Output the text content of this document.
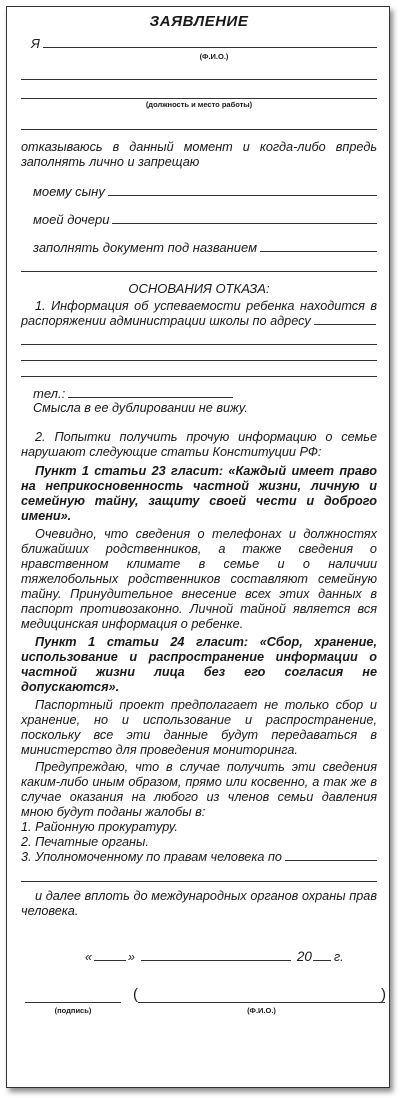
ЗАЯВЛЕНИЕ
Я
(Ф.И.О.)
(должность и место работы)

отказываюсь в данный момент и когда-либо впредь заполнять лично и запрещаю

моему сыну
моей дочери
заполнять документ под названием
ОСНОВАНИЯ ОТКАЗА:

1. Информация об успеваемости ребенка находится в распоряжении администрации школы по адресу

тел.:

Смысла в ее дублировании не вижу.

2. Попытки получить прочую информацию о семье нарушают следующие статьи Конституции РФ:

Пункт 1 статьи 23 гласит: «Каждый имеет право на неприкосновенность частной жизни, личную и семейную тайну, защиту своей чести и доброго имени».

Очевидно, что сведения о телефонах и должностях ближайших родственников, а также сведения о нравственном климате в семье и о наличии тяжелобольных родственников составляют семейную тайну. Принудительное внесение всех этих данных в паспорт противозаконно. Личной тайной является вся медицинская информация о ребенке.

Пункт 1 статьи 24 гласит: «Сбор, хранение, использование и распространение информации о частной жизни лица без его согласия не допускаются».

Паспортный проект предполагает не только сбор и хранение, но и использование и распространение, поскольку все эти данные будут передаваться в министерство для проведения мониторинга.

Предупреждаю, что в случае получить эти сведения каким-либо иным образом, прямо или косвенно, а так же в случае оказания на любого из членов семьи давления мною будут поданы жалобы в:

1. Районную прокуратуру.

2. Печатные органы.

3. Уполномоченному по правам человека по

и далее вплоть до международных органов охраны прав человека.

«	»	20 г.
(подпись)
(	)
(Ф.И.О.)
